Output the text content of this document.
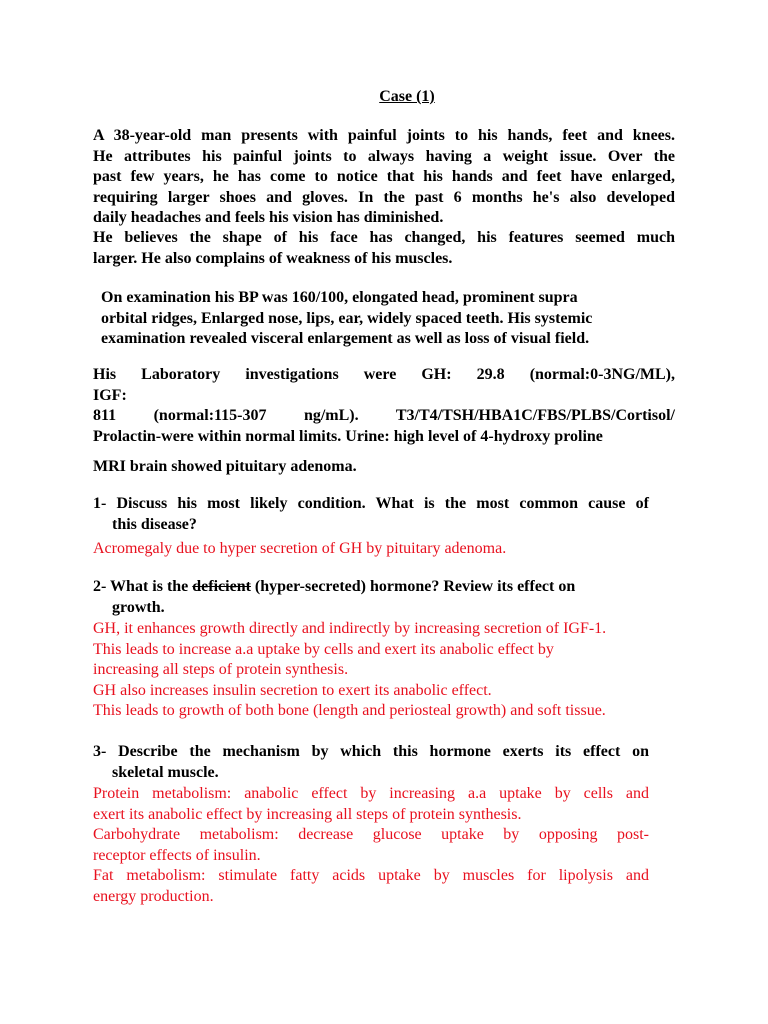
Case (1)

A 38-year-old man presents with painful joints to his hands, feet and knees.

He attributes his painful joints to always having a weight issue. Over the

past few years, he has come to notice that his hands and feet have enlarged,

requiring larger shoes and gloves. In the past 6 months he's also developed

daily headaches and feels his vision has diminished.

He believes the shape of his face has changed, his features seemed much

larger. He also complains of weakness of his muscles.

On examination his BP was 160/100, elongated head, prominent supra

orbital ridges, Enlarged nose, lips, ear, widely spaced teeth. His systemic

examination revealed visceral enlargement as well as loss of visual field.

His Laboratory investigations were GH: 29.8 (normal:0-3NG/ML),

IGF:

811 (normal:115-307 ng/mL). T3/T4/TSH/HBA1C/FBS/PLBS/Cortisol/

Prolactin-were within normal limits. Urine: high level of 4-hydroxy proline

MRI brain showed pituitary adenoma.

1- Discuss his most likely condition. What is the most common cause of

this disease?

Acromegaly due to hyper secretion of GH by pituitary adenoma.

2- What is the deficient (hyper-secreted) hormone? Review its effect on

growth.

GH, it enhances growth directly and indirectly by increasing secretion of IGF-1.

This leads to increase a.a uptake by cells and exert its anabolic effect by

increasing all steps of protein synthesis.

GH also increases insulin secretion to exert its anabolic effect.

This leads to growth of both bone (length and periosteal growth) and soft tissue.

3- Describe the mechanism by which this hormone exerts its effect on

skeletal muscle.

Protein metabolism: anabolic effect by increasing a.a uptake by cells and

exert its anabolic effect by increasing all steps of protein synthesis.

Carbohydrate metabolism: decrease glucose uptake by opposing post-

receptor effects of insulin.

Fat metabolism: stimulate fatty acids uptake by muscles for lipolysis and

energy production.
